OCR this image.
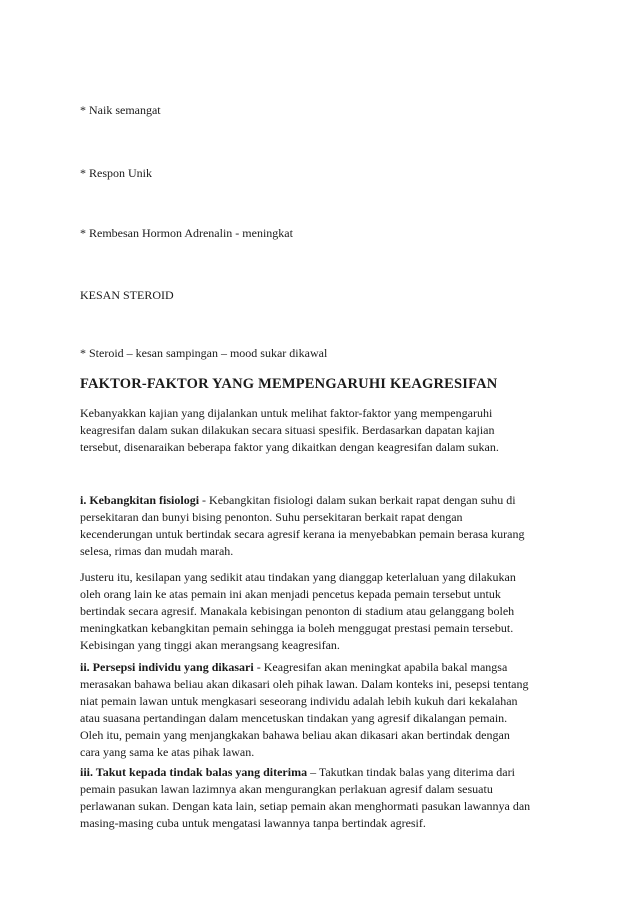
* Naik semangat

* Respon Unik

* Rembesan Hormon Adrenalin - meningkat

KESAN STEROID

* Steroid – kesan sampingan – mood sukar dikawal

FAKTOR-FAKTOR YANG MEMPENGARUHI KEAGRESIFAN
Kebanyakkan kajian yang dijalankan untuk melihat faktor-faktor yang mempengaruhi
keagresifan dalam sukan dilakukan secara situasi spesifik. Berdasarkan dapatan kajian
tersebut, disenaraikan beberapa faktor yang dikaitkan dengan keagresifan dalam sukan.
i. Kebangkitan fisiologi - Kebangkitan fisiologi dalam sukan berkait rapat dengan suhu di
persekitaran dan bunyi bising penonton. Suhu persekitaran berkait rapat dengan
kecenderungan untuk bertindak secara agresif kerana ia menyebabkan pemain berasa kurang
selesa, rimas dan mudah marah.
Justeru itu, kesilapan yang sedikit atau tindakan yang dianggap keterlaluan yang dilakukan
oleh orang lain ke atas pemain ini akan menjadi pencetus kepada pemain tersebut untuk
bertindak secara agresif. Manakala kebisingan penonton di stadium atau gelanggang boleh
meningkatkan kebangkitan pemain sehingga ia boleh menggugat prestasi pemain tersebut.
Kebisingan yang tinggi akan merangsang keagresifan.
ii. Persepsi individu yang dikasari - Keagresifan akan meningkat apabila bakal mangsa
merasakan bahawa beliau akan dikasari oleh pihak lawan. Dalam konteks ini, pesepsi tentang
niat pemain lawan untuk mengkasari seseorang individu adalah lebih kukuh dari kekalahan
atau suasana pertandingan dalam mencetuskan tindakan yang agresif dikalangan pemain.
Oleh itu, pemain yang menjangkakan bahawa beliau akan dikasari akan bertindak dengan
cara yang sama ke atas pihak lawan.
iii. Takut kepada tindak balas yang diterima – Takutkan tindak balas yang diterima dari
pemain pasukan lawan lazimnya akan mengurangkan perlakuan agresif dalam sesuatu
perlawanan sukan. Dengan kata lain, setiap pemain akan menghormati pasukan lawannya dan
masing-masing cuba untuk mengatasi lawannya tanpa bertindak agresif.
